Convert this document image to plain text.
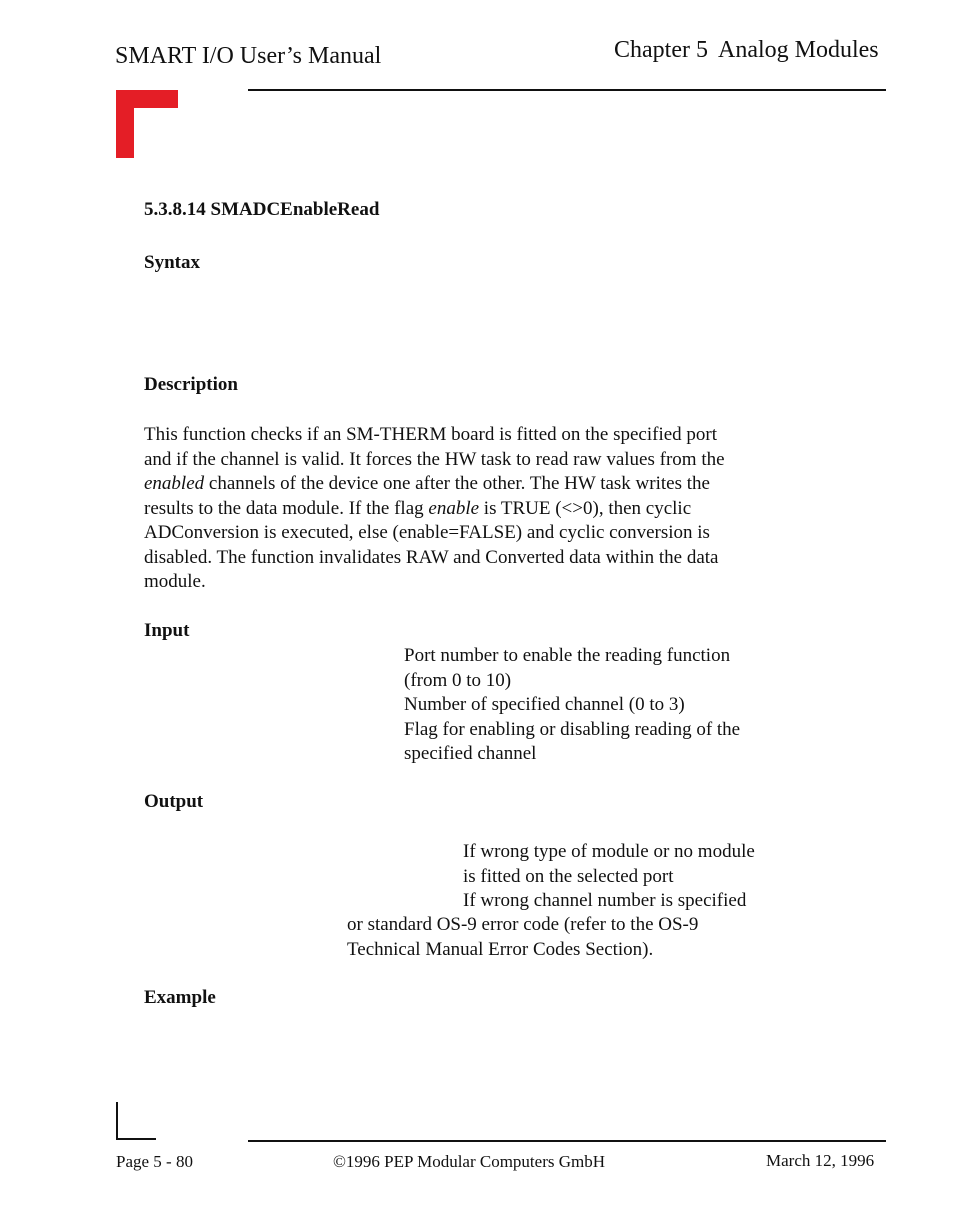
SMART I/O User’s Manual	Chapter 5 Analog Modules
5.3.8.14 SMADCEnableRead
Syntax
Description
This function checks if an SM-THERM board is fitted on the specified port
and if the channel is valid. It forces the HW task to read raw values from the
enabled channels of the device one after the other. The HW task writes the
results to the data module. If the flag enable is TRUE (<>0), then cyclic
ADConversion is executed, else (enable=FALSE) and cyclic conversion is
disabled. The function invalidates RAW and Converted data within the data
module.
Input
Port number to enable the reading function
(from 0 to 10)
Number of specified channel (0 to 3)
Flag for enabling or disabling reading of the
specified channel
Output
If wrong type of module or no module
is fitted on the selected port
If wrong channel number is specified
or standard OS-9 error code (refer to the OS-9
Technical Manual Error Codes Section).
Example
Page 5 - 80	©1996 PEP Modular Computers GmbH	March 12, 1996
